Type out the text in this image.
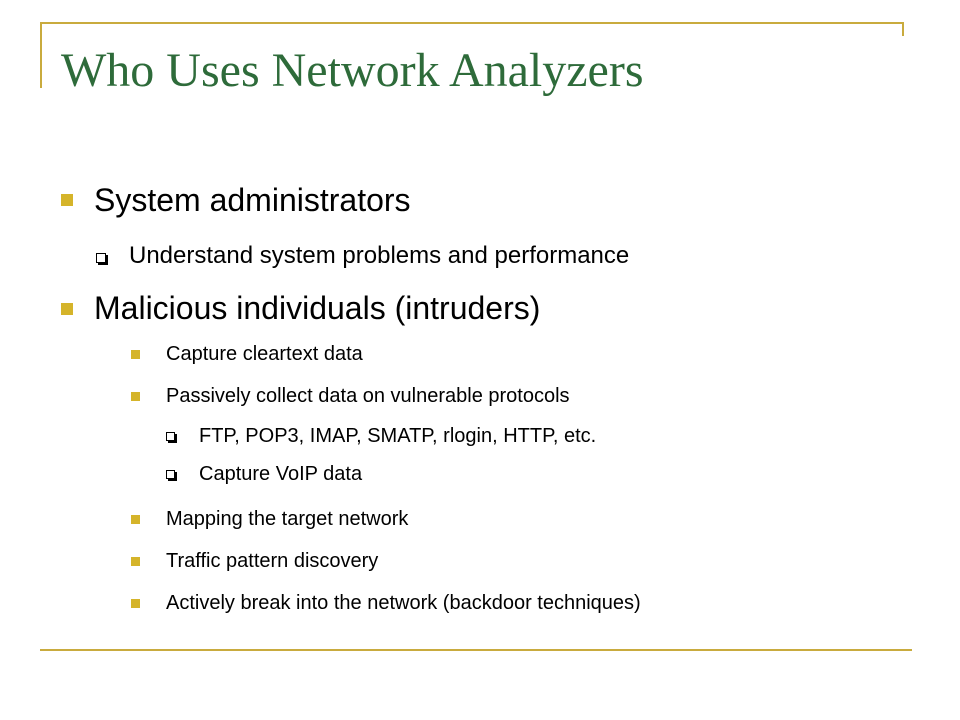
Who Uses Network Analyzers
System administrators
Understand system problems and performance
Malicious individuals (intruders)
Capture cleartext data
Passively collect data on vulnerable protocols
FTP, POP3, IMAP, SMATP, rlogin, HTTP, etc.
Capture VoIP data
Mapping the target network
Traffic pattern discovery
Actively break into the network (backdoor techniques)
